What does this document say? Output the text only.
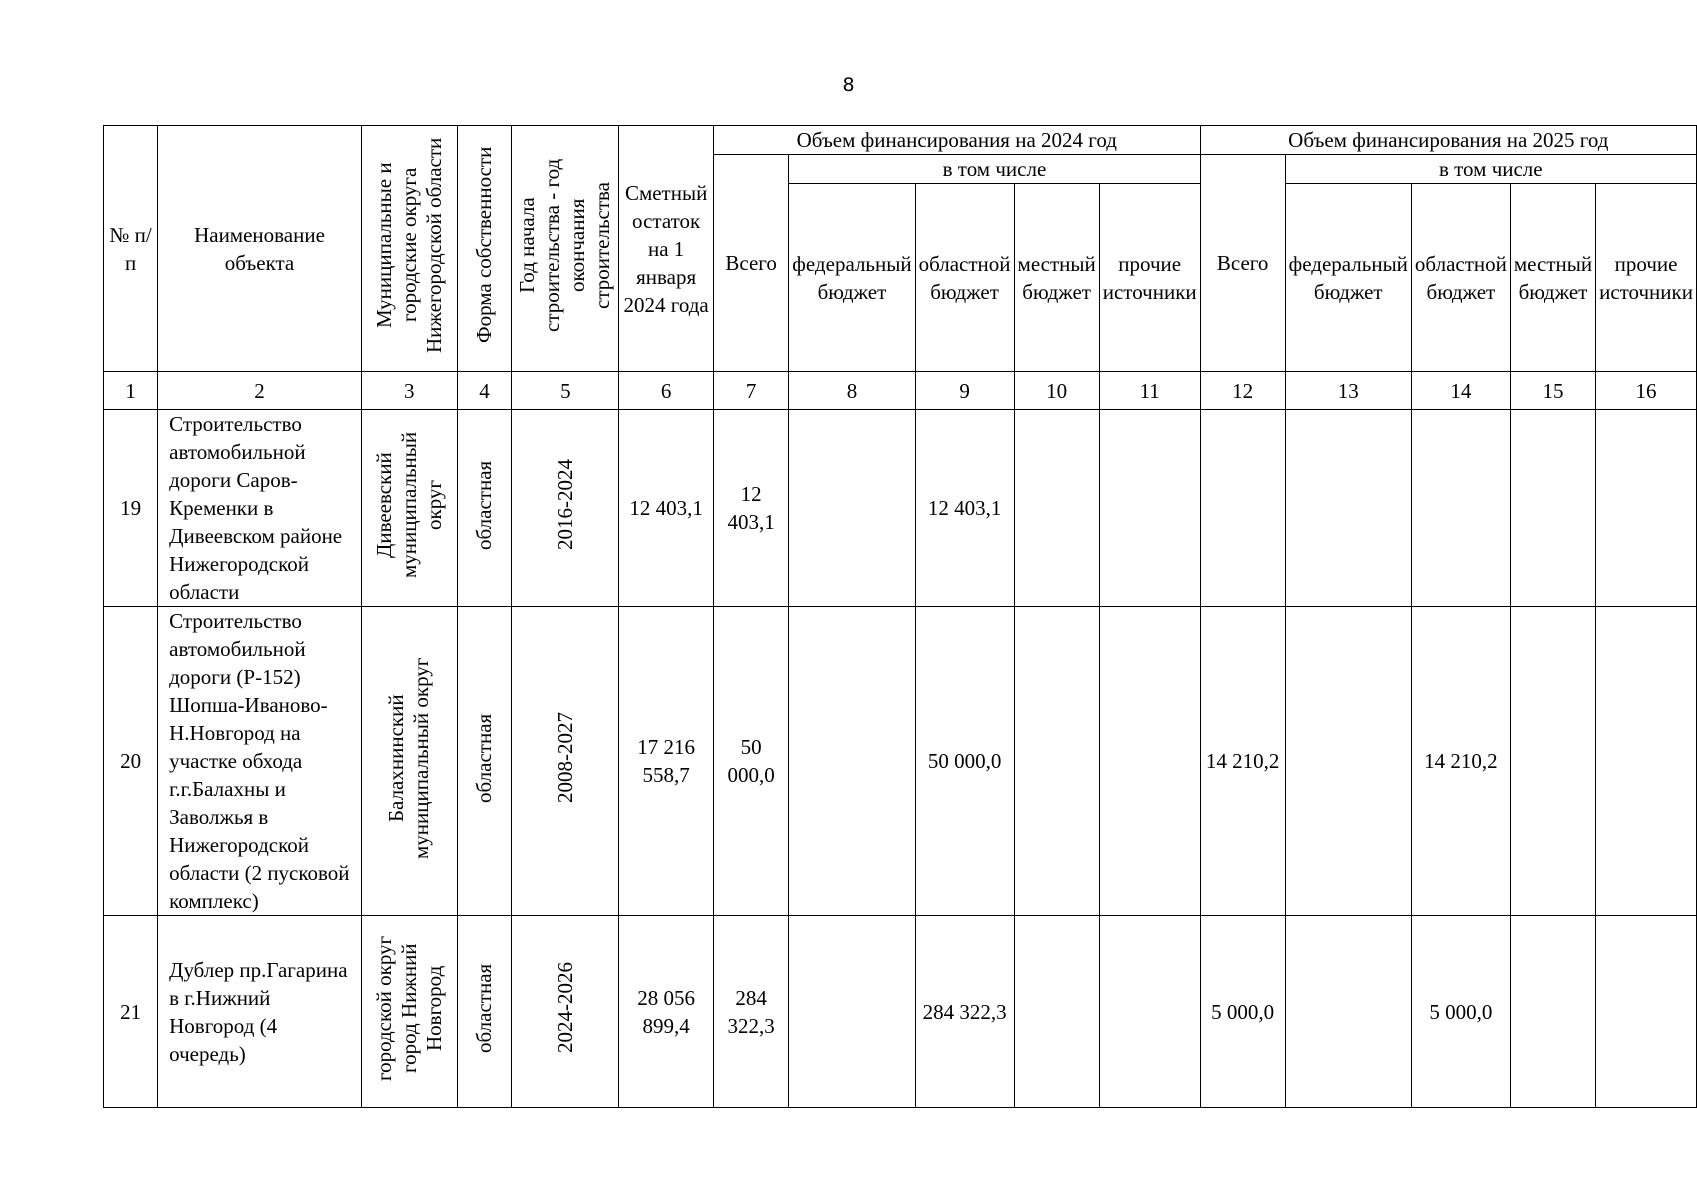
8
№ п/п	Наименование объекта	Муниципальные и городские округа Нижегородской области	Форма собственности	Год начала строительства - год окончания строительства	Сметный остаток на 1 января 2024 года	Объем финансирования на 2024 год					Объем финансирования на 2025 год				
						Всего	в том числе				Всего	в том числе			
							федеральный бюджет	областной бюджет	местный бюджет	прочие источники		федеральный бюджет	областной бюджет	местный бюджет	прочие источники
1	2	3	4	5	6	7	8	9	10	11	12	13	14	15	16
19	Строительство автомобильной дороги Саров-Кременки в Дивеевском районе Нижегородской области	Дивеевский муниципальный округ	областная	2016-2024	12 403,1	12 403,1		12 403,1							
20	Строительство автомобильной дороги (Р-152) Шопша-Иваново-Н.Новгород на участке обхода г.г.Балахны и Заволжья в Нижегородской области (2 пусковой комплекс)	Балахнинский муниципальный округ	областная	2008-2027	17 216 558,7	50 000,0		50 000,0			14 210,2		14 210,2		
21	Дублер пр.Гагарина в г.Нижний Новгород (4 очередь)	городской округ город Нижний Новгород	областная	2024-2026	28 056 899,4	284 322,3		284 322,3			5 000,0		5 000,0		
